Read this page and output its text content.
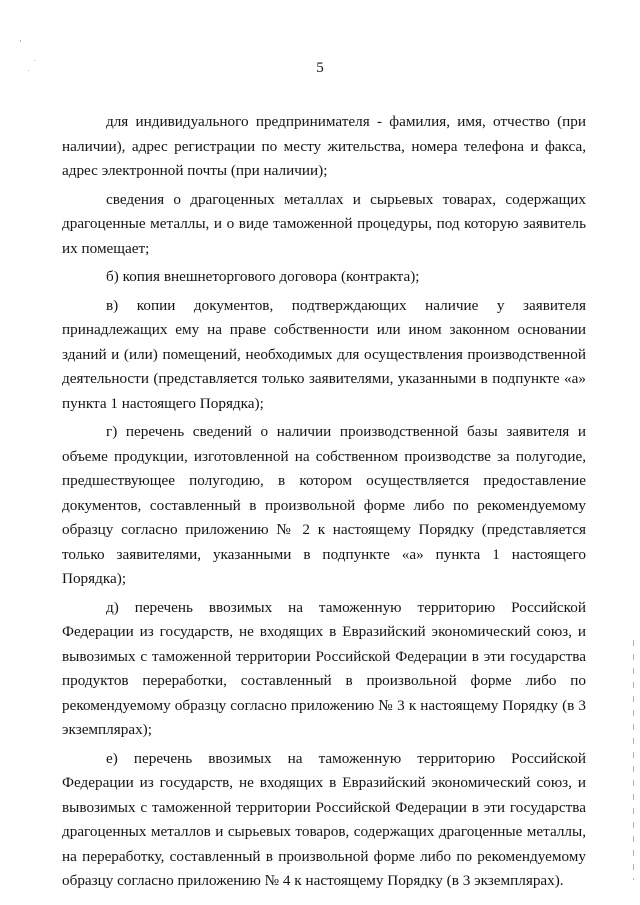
5

для индивидуального предпринимателя - фамилия, имя, отчество (при наличии), адрес регистрации по месту жительства, номера телефона и факса, адрес электронной почты (при наличии);

сведения о драгоценных металлах и сырьевых товарах, содержащих драгоценные металлы, и о виде таможенной процедуры, под которую заявитель их помещает;

б) копия внешнеторгового договора (контракта);

в) копии документов, подтверждающих наличие у заявителя принадлежащих ему на праве собственности или ином законном основании зданий и (или) помещений, необходимых для осуществления производственной деятельности (представляется только заявителями, указанными в подпункте «а» пункта 1 настоящего Порядка);

г) перечень сведений о наличии производственной базы заявителя и объеме продукции, изготовленной на собственном производстве за полугодие, предшествующее полугодию, в котором осуществляется предоставление документов, составленный в произвольной форме либо по рекомендуемому образцу согласно приложению № 2 к настоящему Порядку (представляется только заявителями, указанными в подпункте «а» пункта 1 настоящего Порядка);

д) перечень ввозимых на таможенную территорию Российской Федерации из государств, не входящих в Евразийский экономический союз, и вывозимых с таможенной территории Российской Федерации в эти государства продуктов переработки, составленный в произвольной форме либо по рекомендуемому образцу согласно приложению № 3 к настоящему Порядку (в 3 экземплярах);

е) перечень ввозимых на таможенную территорию Российской Федерации из государств, не входящих в Евразийский экономический союз, и вывозимых с таможенной территории Российской Федерации в эти государства драгоценных металлов и сырьевых товаров, содержащих драгоценные металлы, на переработку, составленный в произвольной форме либо по рекомендуемому образцу согласно приложению № 4 к настоящему Порядку (в 3 экземплярах).
